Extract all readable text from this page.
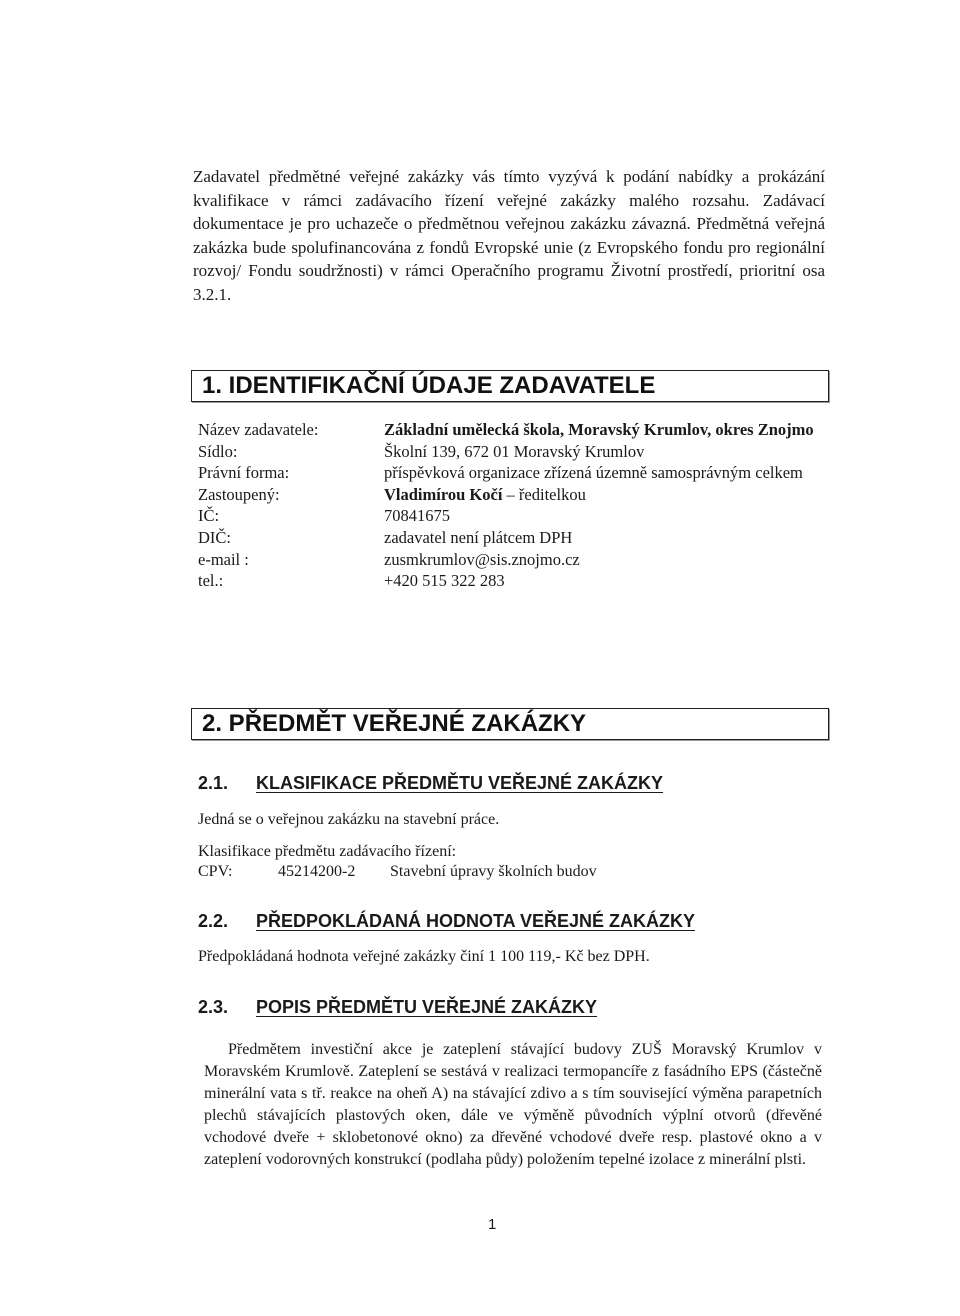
Zadavatel předmětné veřejné zakázky vás tímto vyzývá k podání nabídky a prokázání kvalifikace v rámci zadávacího řízení veřejné zakázky malého rozsahu. Zadávací dokumentace je pro uchazeče o předmětnou veřejnou zakázku závazná. Předmětná veřejná zakázka bude spolufinancována z fondů Evropské unie (z Evropského fondu pro regionální rozvoj/ Fondu soudržnosti) v rámci Operačního programu Životní prostředí, prioritní osa 3.2.1.

1. IDENTIFIKAČNÍ ÚDAJE ZADAVATELE
Název zadavatele:	Základní umělecká škola, Moravský Krumlov, okres Znojmo
Sídlo:	Školní 139, 672 01 Moravský Krumlov
Právní forma:	příspěvková organizace zřízená územně samosprávným celkem
Zastoupený:	Vladimírou Kočí – ředitelkou
IČ:	70841675
DIČ:	zadavatel není plátcem DPH
e-mail :	zusmkrumlov@sis.znojmo.cz
tel.:	+420 515 322 283
2. PŘEDMĚT VEŘEJNÉ ZAKÁZKY
2.1. KLASIFIKACE PŘEDMĚTU VEŘEJNÉ ZAKÁZKY
Jedná se o veřejnou zakázku na stavební práce.
Klasifikace předmětu zadávacího řízení:
CPV:	45214200-2	Stavební úpravy školních budov
2.2. PŘEDPOKLÁDANÁ HODNOTA VEŘEJNÉ ZAKÁZKY
Předpokládaná hodnota veřejné zakázky činí 1 100 119,- Kč bez DPH.
2.3. POPIS PŘEDMĚTU VEŘEJNÉ ZAKÁZKY

Předmětem investiční akce je zateplení stávající budovy ZUŠ Moravský Krumlov v Moravském Krumlově. Zateplení se sestává v realizaci termopancíře z fasádního EPS (částečně minerální vata s tř. reakce na oheň A) na stávající zdivo a s tím související výměna parapetních plechů stávajících plastových oken, dále ve výměně původních výplní otvorů (dřevěné vchodové dveře + sklobetonové okno) za dřevěné vchodové dveře resp. plastové okno a v zateplení vodorovných konstrukcí (podlaha půdy) položením tepelné izolace z minerální plsti.

1
